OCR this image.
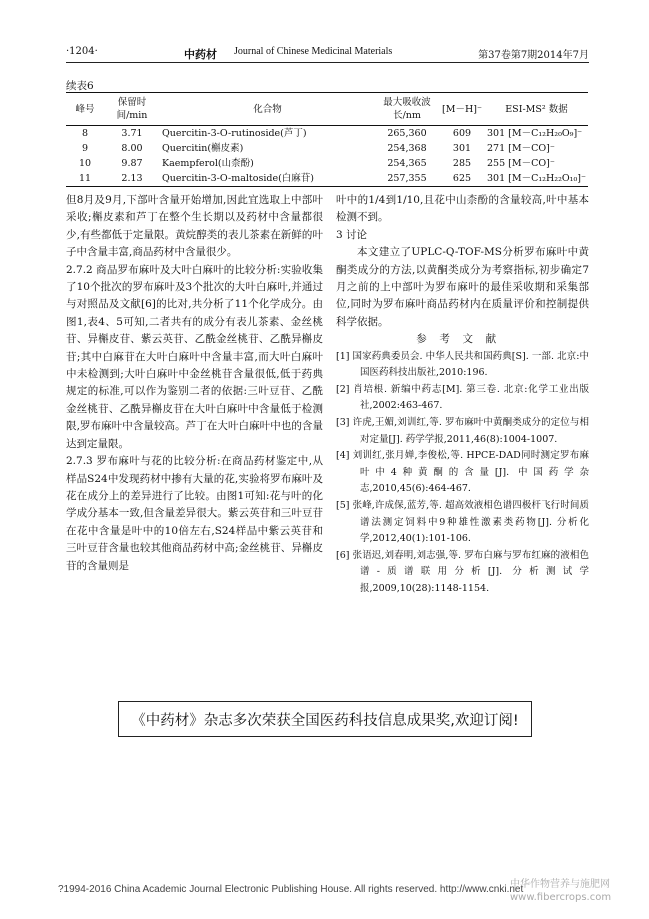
·1204·	中药材 Journal of Chinese Medicinal Materials	第37卷第7期2014年7月
续表6
峰号	保留时间/min	化合物	最大吸收波长/nm	[M－H]⁻	ESI-MS² 数据
8	3.71	Quercitin-3-O-rutinoside(芦丁)	265,360	609	301 [M－C₁₂H₂₀O₉]⁻
9	8.00	Quercitin(槲皮素)	254,368	301	271 [M－CO]⁻
10	9.87	Kaempferol(山柰酚)	254,365	285	255 [M－CO]⁻
11	2.13	Quercitin-3-O-maltoside(白麻苷)	257,355	625	301 [M－C₁₂H₂₂O₁₀]⁻

但8月及9月,下部叶含量开始增加,因此宜选取上中部叶采收;槲皮素和芦丁在整个生长期以及药材中含量都很少,有些都低于定量限。黄烷醇类的表儿茶素在新鲜的叶子中含量丰富,商品药材中含量很少。

2.7.2 商品罗布麻叶及大叶白麻叶的比较分析:

实验收集了10个批次的罗布麻叶及3个批次的大叶白麻叶,并通过与对照品及文献[6]的比对,共分析了11个化学成分。由图1,表4、5可知,二者共有的成分有表儿茶素、金丝桃苷、异槲皮苷、紫云英苷、乙酰金丝桃苷、乙酰异槲皮苷;其中白麻苷在大叶白麻叶中含量丰富,而大叶白麻叶中未检测到;大叶白麻叶中金丝桃苷含量很低,低于药典规定的标准,可以作为鉴别二者的依据:三叶豆苷、乙酰金丝桃苷、乙酰异槲皮苷在大叶白麻叶中含量低于检测限,罗布麻叶中含量较高。芦丁在大叶白麻叶中也的含量达到定量限。

2.7.3 罗布麻叶与花的比较分析:

在商品药材鉴定中,从样品S24中发现药材中掺有大量的花,实验将罗布麻叶及花在成分上的差异进行了比较。由图1可知:花与叶的化学成分基本一致,但含量差异很大。紫云英苷和三叶豆苷在花中含量是叶中的10倍左右,S24样品中紫云英苷和三叶豆苷含量也较其他商品药材中高;金丝桃苷、异槲皮苷的含量则是

叶中的1/4到1/10,且花中山柰酚的含量较高,叶中基本检测不到。

3 讨论

本文建立了UPLC-Q-TOF-MS分析罗布麻叶中黄酮类成分的方法,以黄酮类成分为考察指标,初步确定7月之前的上中部叶为罗布麻叶的最佳采收期和采集部位,同时为罗布麻叶商品药材内在质量评价和控制提供科学依据。

参考文献

[1] 国家药典委员会. 中华人民共和国药典[S]. 一部. 北京:中国医药科技出版社,2010:196.

[2] 肖培根. 新编中药志[M]. 第三卷. 北京:化学工业出版社,2002:463-467.

[3] 许虎,王媚,刘训红,等. 罗布麻叶中黄酮类成分的定位与相对定量[J]. 药学学报,2011,46(8):1004-1007.

[4] 刘训红,张月婵,李俊松,等. HPCE-DAD同时测定罗布麻叶中4种黄酮的含量[J]. 中国药学杂志,2010,45(6):464-467.

[5] 张峰,许成保,蓝芳,等. 超高效液相色谱四极杆飞行时间质谱法测定饲料中9种雄性激素类药物[J]. 分析化学,2012,40(1):101-106.

[6] 张语迟,刘春明,刘志强,等. 罗布白麻与罗布红麻的液相色谱-质谱联用分析[J]. 分析测试学报,2009,10(28):1148-1154.

《中药材》杂志多次荣获全国医药科技信息成果奖,欢迎订阅!
?1994-2016 China Academic Journal Electronic Publishing House. All rights reserved. http://www.cnki.net
中华作物营养与施肥网
www.fibercrops.com
